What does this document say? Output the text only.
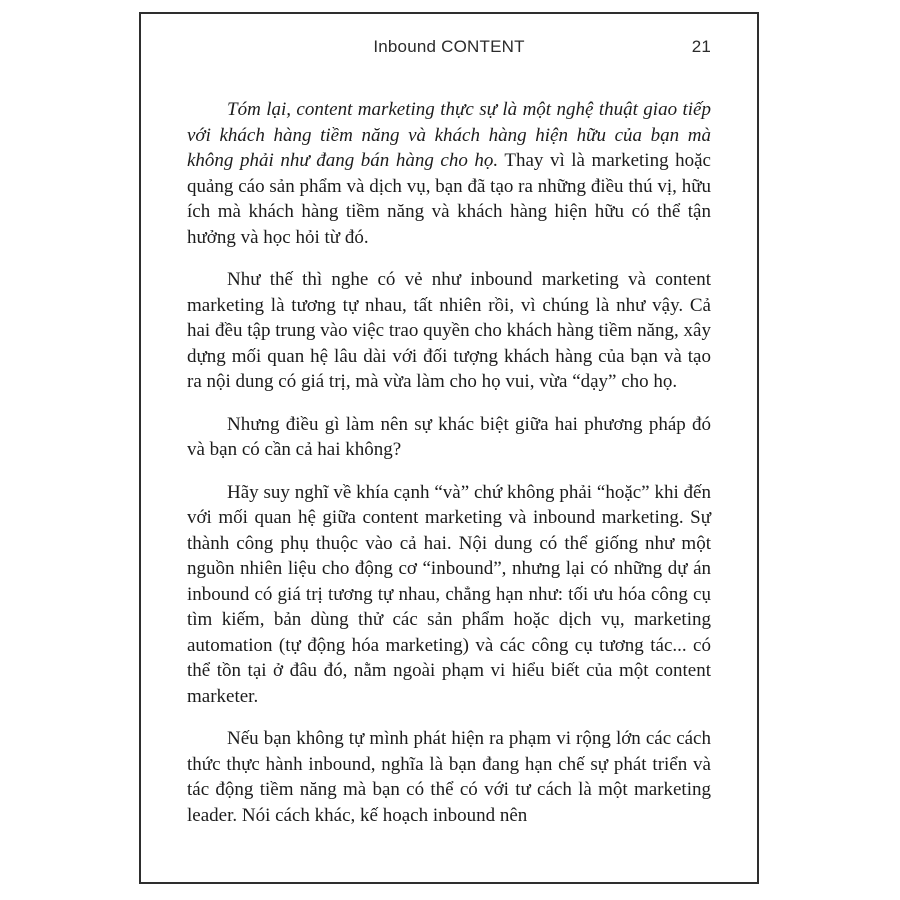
Inbound CONTENT	21

Tóm lại, content marketing thực sự là một nghệ thuật giao tiếp với khách hàng tiềm năng và khách hàng hiện hữu của bạn mà không phải như đang bán hàng cho họ. Thay vì là marketing hoặc quảng cáo sản phẩm và dịch vụ, bạn đã tạo ra những điều thú vị, hữu ích mà khách hàng tiềm năng và khách hàng hiện hữu có thể tận hưởng và học hỏi từ đó.

Như thế thì nghe có vẻ như inbound marketing và content marketing là tương tự nhau, tất nhiên rồi, vì chúng là như vậy. Cả hai đều tập trung vào việc trao quyền cho khách hàng tiềm năng, xây dựng mối quan hệ lâu dài với đối tượng khách hàng của bạn và tạo ra nội dung có giá trị, mà vừa làm cho họ vui, vừa “dạy” cho họ.

Nhưng điều gì làm nên sự khác biệt giữa hai phương pháp đó và bạn có cần cả hai không?

Hãy suy nghĩ về khía cạnh “và” chứ không phải “hoặc” khi đến với mối quan hệ giữa content marketing và inbound marketing. Sự thành công phụ thuộc vào cả hai. Nội dung có thể giống như một nguồn nhiên liệu cho động cơ “inbound”, nhưng lại có những dự án inbound có giá trị tương tự nhau, chẳng hạn như: tối ưu hóa công cụ tìm kiếm, bản dùng thử các sản phẩm hoặc dịch vụ, marketing automation (tự động hóa marketing) và các công cụ tương tác... có thể tồn tại ở đâu đó, nằm ngoài phạm vi hiểu biết của một content marketer.

Nếu bạn không tự mình phát hiện ra phạm vi rộng lớn các cách thức thực hành inbound, nghĩa là bạn đang hạn chế sự phát triển và tác động tiềm năng mà bạn có thể có với tư cách là một marketing leader. Nói cách khác, kế hoạch inbound nên
